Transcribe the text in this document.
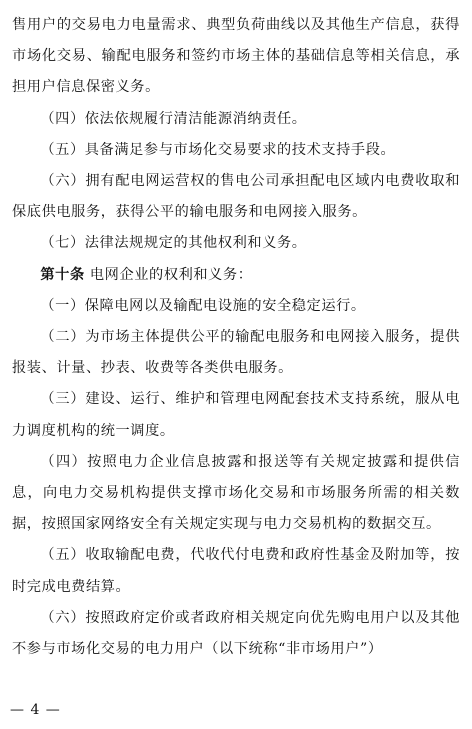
售用户的交易电力电量需求、典型负荷曲线以及其他生产信息，获得市场化交易、输配电服务和签约市场主体的基础信息等相关信息，承担用户信息保密义务。

（四）依法依规履行清洁能源消纳责任。

（五）具备满足参与市场化交易要求的技术支持手段。

（六）拥有配电网运营权的售电公司承担配电区域内电费收取和保底供电服务，获得公平的输电服务和电网接入服务。

（七）法律法规规定的其他权利和义务。

第十条 电网企业的权利和义务：

（一）保障电网以及输配电设施的安全稳定运行。

（二）为市场主体提供公平的输配电服务和电网接入服务，提供报装、计量、抄表、收费等各类供电服务。

（三）建设、运行、维护和管理电网配套技术支持系统，服从电力调度机构的统一调度。

（四）按照电力企业信息披露和报送等有关规定披露和提供信息，向电力交易机构提供支撑市场化交易和市场服务所需的相关数据，按照国家网络安全有关规定实现与电力交易机构的数据交互。

（五）收取输配电费，代收代付电费和政府性基金及附加等，按时完成电费结算。

（六）按照政府定价或者政府相关规定向优先购电用户以及其他不参与市场化交易的电力用户（以下统称“非市场用户”）

— 4 —
